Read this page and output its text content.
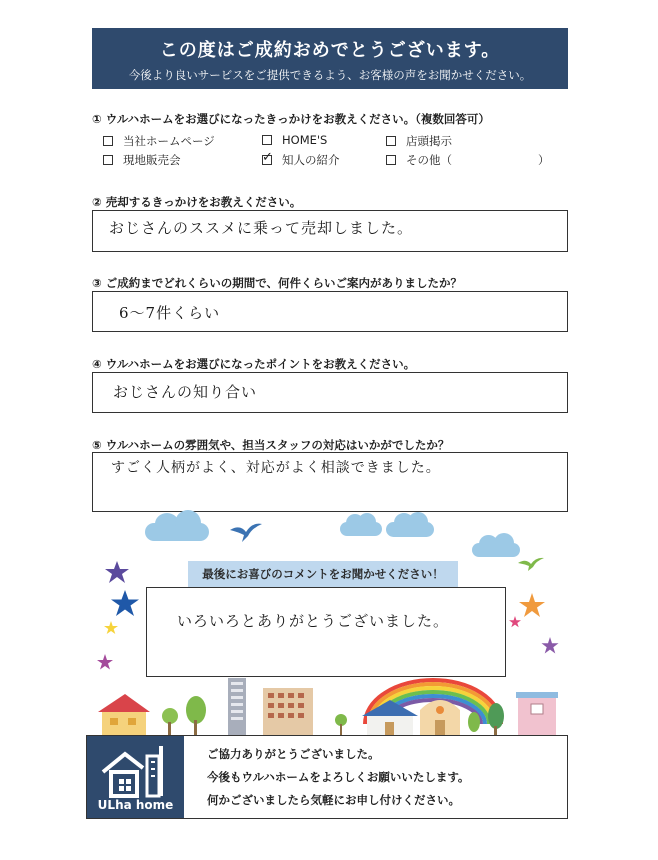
この度はご成約おめでとうございます。
今後より良いサービスをご提供できるよう、お客様の声をお聞かせください。
① ウルハホームをお選びになったきっかけをお教えください。（複数回答可）
当社ホームページ	HOME'S	店頭掲示
現地販売会
✓	知人の紹介	その他（	）
② 売却するきっかけをお教えください。
おじさんのススメに乗って売却しました。
③ ご成約までどれくらいの期間で、何件くらいご案内がありましたか？
6〜7件くらい
④ ウルハホームをお選びになったポイントをお教えください。
おじさんの知り合い
⑤ ウルハホームの雰囲気や、担当スタッフの対応はいかがでしたか？
すごく人柄がよく、対応がよく相談できました。
最後にお喜びのコメントをお聞かせください！
いろいろとありがとうございました。
ULha home
ご協力ありがとうございました。
今後もウルハホームをよろしくお願いいたします。
何かございましたら気軽にお申し付けください。
